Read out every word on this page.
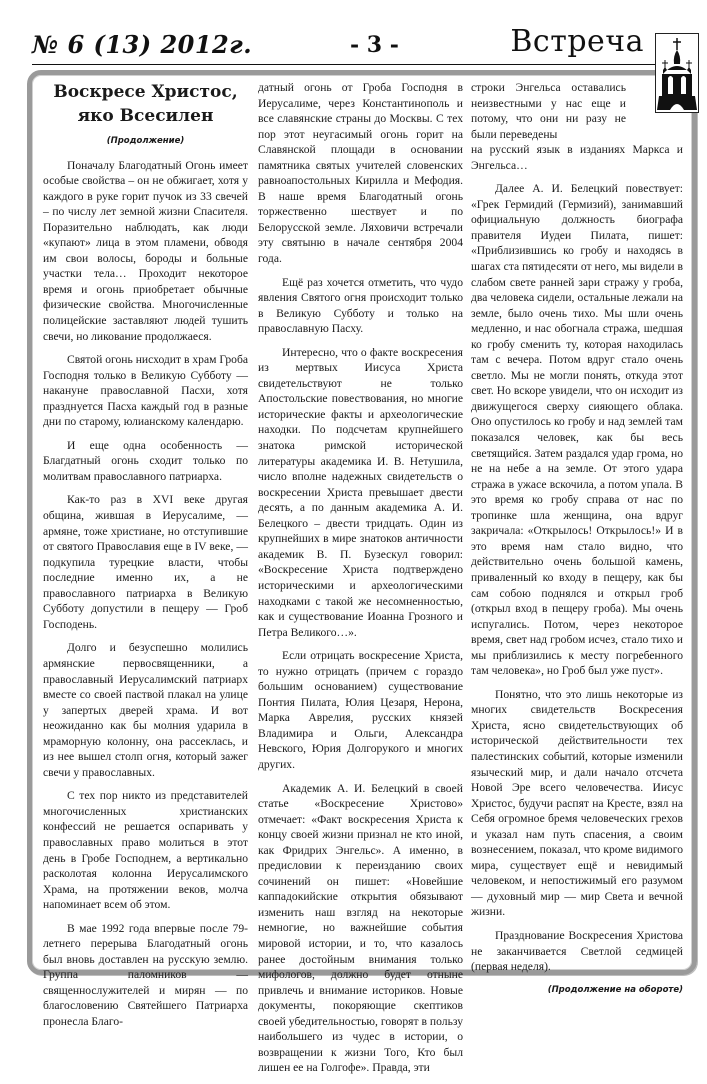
№ 6 (13) 2012г.	- 3 -	Встреча
Воскресе Христос,
яко Всесилен
(Продолжение)

Поначалу Благодатный Огонь имеет особые свойства – он не обжигает, хотя у каждого в руке горит пучок из 33 свечей – по числу лет земной жизни Спасителя. Поразительно наблюдать, как люди «купают» лица в этом пламени, обводя им свои волосы, бороды и больные участки тела… Проходит некоторое время и огонь приобретает обычные физические свойства. Многочисленные полицейские заставляют людей тушить свечи, но ликование продолжаеся.

Святой огонь нисходит в храм Гроба Господня только в Великую Субботу — накануне православной Пасхи, хотя празднуется Пасха каждый год в разные дни по старому, юлианскому календарю.

И еще одна особенность — Благдатный огонь сходит только по молитвам православного патриарха.

Как-то раз в XVI веке другая община, жившая в Иерусалиме, — армяне, тоже христиане, но отступившие от святого Православия еще в IV веке, — подкупила турецкие власти, чтобы последние именно их, а не православного патриарха в Великую Субботу допустили в пещеру — Гроб Господень.

Долго и безуспешно молились армянские первосвященники, а православный Иерусалимский патриарх вместе со своей паствой плакал на улице у запертых дверей храма. И вот неожиданно как бы молния ударила в мраморную колонну, она рассеклась, и из нее вышел столп огня, который зажег свечи у православных.

С тех пор никто из представителей многочисленных христианских конфессий не решается оспаривать у православных право молиться в этот день в Гробе Господнем, а вертикально расколотая колонна Иерусалимского Храма, на протяжении веков, молча напоминает всем об этом.

В мае 1992 года впервые после 79-летнего перерыва Благодатный огонь был вновь доставлен на русскую землю. Группа паломников — священнослужителей и мирян — по благословению Святейшего Патриарха пронесла Благо-

датный огонь от Гроба Господня в Иерусалиме, через Константинополь и все славянские страны до Москвы. С тех пор этот неугасимый огонь горит на Славянской площади в основании памятника святых учителей словенских равноапостольных Кирилла и Мефодия. В наше время Благодатный огонь торжественно шествует и по Белорусской земле. Ляховичи встречали эту святыню в начале сентября 2004 года.

Ещё раз хочется отметить, что чудо явления Святого огня происходит только в Великую Субботу и только на православную Пасху.

Интересно, что о факте воскресения из мертвых Иисуса Христа свидетельствуют не только Апостольские повествования, но многие исторические факты и археологические находки. По подсчетам крупнейшего знатока римской исторической литературы академика И. В. Нетушила, число вполне надежных свидетельств о воскресении Христа превышает двести десять, а по данным академика А. И. Белецкого – двести тридцать. Один из крупнейших в мире знатоков античности академик В. П. Бузескул говорил: «Воскресение Христа подтверждено историческими и археологическими находками с такой же несомненностью, как и существование Иоанна Грозного и Петра Великого…».

Если отрицать воскресение Христа, то нужно отрицать (причем с гораздо большим основанием) существование Понтия Пилата, Юлия Цезаря, Нерона, Марка Аврелия, русских князей Владимира и Ольги, Александра Невского, Юрия Долгорукого и многих других.

Академик А. И. Белецкий в своей статье «Воскресение Христово» отмечает: «Факт воскресения Христа к концу своей жизни признал не кто иной, как Фридрих Энгельс». А именно, в предисловии к переизданию своих сочинений он пишет: «Новейшие каппадокийские открытия обязывают изменить наш взгляд на некоторые немногие, но важнейшие события мировой истории, и то, что казалось ранее достойным внимания только мифологов, должно будет отныне привлечь и внимание историков. Новые документы, покоряющие скептиков своей убедительностью, говорят в пользу наибольшего из чудес в истории, о возвращении к жизни Того, Кто был лишен ее на Голгофе». Правда, эти

строки Энгельса оставались неизвестными у нас еще и потому, что они ни разу не были переведены
на русский язык в изданиях Маркса и Энгельса…

Далее А. И. Белецкий повествует: «Грек Гермидий (Гермизий), занимавший официальную должность биографа правителя Иудеи Пилата, пишет: «Приблизившись ко гробу и находясь в шагах ста пятидесяти от него, мы видели в слабом свете ранней зари стражу у гроба, два человека сидели, остальные лежали на земле, было очень тихо. Мы шли очень медленно, и нас обогнала стража, шедшая ко гробу сменить ту, которая находилась там с вечера. Потом вдруг стало очень светло. Мы не могли понять, откуда этот свет. Но вскоре увидели, что он исходит из движущегося сверху сияющего облака. Оно опустилось ко гробу и над землей там показался человек, как бы весь светящийся. Затем раздался удар грома, но не на небе а на земле. От этого удара стража в ужасе вскочила, а потом упала. В это время ко гробу справа от нас по тропинке шла женщина, она вдруг закричала: «Открылось! Открылось!» И в это время нам стало видно, что действительно очень большой камень, приваленный ко входу в пещеру, как бы сам собою поднялся и открыл гроб (открыл вход в пещеру гроба). Мы очень испугались. Потом, через некоторое время, свет над гробом исчез, стало тихо и мы приблизились к месту погребенного там человека», но Гроб был уже пуст».

Понятно, что это лишь некоторые из многих свидетельств Воскресения Христа, ясно свидетельствующих об исторической действительности тех палестинских событий, которые изменили языческий мир, и дали начало отсчета Новой Эре всего человечества. Иисус Христос, будучи распят на Кресте, взял на Себя огромное бремя человеческих грехов и указал нам путь спасения, а своим вознесением, показал, что кроме видимого мира, существует ещё и невидимый человеком, и непостижимый его разумом — духовный мир — мир Света и вечной жизни.

Празднование Воскресения Христова не заканчивается Светлой седмицей (первая неделя).

(Продолжение на обороте)
